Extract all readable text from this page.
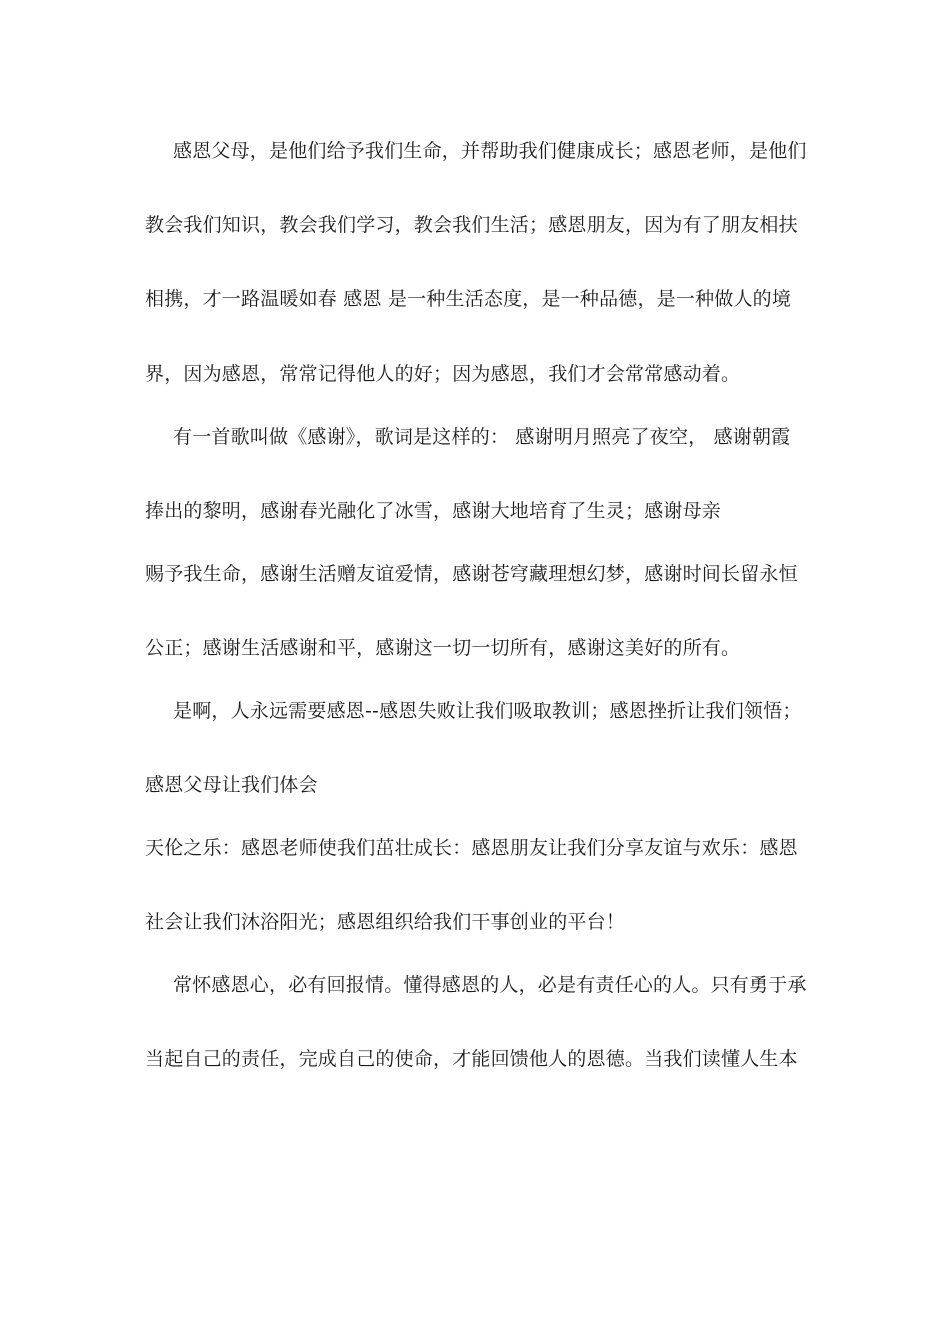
感恩父母，是他们给予我们生命，并帮助我们健康成长；感恩老师，是他们
教会我们知识，教会我们学习，教会我们生活；感恩朋友，因为有了朋友相扶
相携，才一路温暖如春 感恩 是一种生活态度，是一种品德，是一种做人的境
界，因为感恩，常常记得他人的好；因为感恩，我们才会常常感动着。
有一首歌叫做《感谢》，歌词是这样的： 感谢明月照亮了夜空， 感谢朝霞
捧出的黎明，感谢春光融化了冰雪，感谢大地培育了生灵；感谢母亲
赐予我生命，感谢生活赠友谊爱情，感谢苍穹藏理想幻梦，感谢时间长留永恒
公正；感谢生活感谢和平，感谢这一切一切所有，感谢这美好的所有。
是啊，人永远需要感恩--感恩失败让我们吸取教训；感恩挫折让我们领悟；
感恩父母让我们体会
天伦之乐：感恩老师使我们茁壮成长：感恩朋友让我们分享友谊与欢乐：感恩
社会让我们沐浴阳光；感恩组织给我们干事创业的平台！
常怀感恩心，必有回报情。懂得感恩的人，必是有责任心的人。只有勇于承
当起自己的责任，完成自己的使命，才能回馈他人的恩德。当我们读懂人生本
